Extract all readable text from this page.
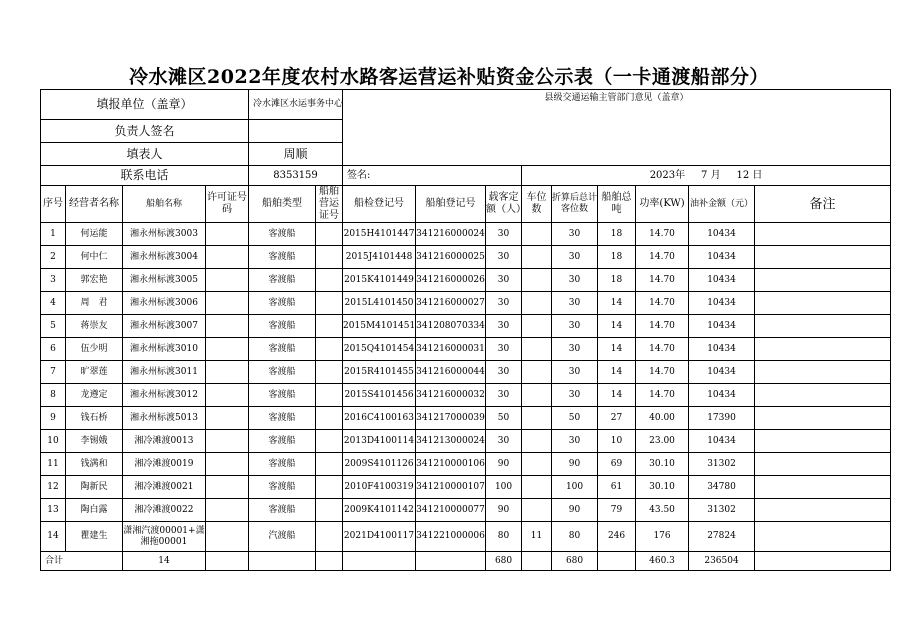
冷水滩区2022年度农村水路客运营运补贴资金公示表（一卡通渡船部分）
填报单位（盖章）				冷水滩区水运事务中心		县级交通运输主管部门意见（盖章）								
负责人签名														
填表人				周顺										
联系电话				8353159		签名:			2023年 7 月 12 日					
序号	经营者名称	船舶名称	许可证号码	船舶类型	船舶营运证号	船检登记号	船舶登记号	载客定额（人）	车位数	折算后总计客位数	船舶总吨	功率(KW)	油补金额（元）	备注
1	何运能	湘永州标渡3003		客渡船		2015H4101447	341216000024	30		30	18	14.70	10434	
2	何中仁	湘永州标渡3004		客渡船		2015J4101448	341216000025	30		30	18	14.70	10434	
3	郭宏艳	湘永州标渡3005		客渡船		2015K4101449	341216000026	30		30	18	14.70	10434	
4	周　君	湘永州标渡3006		客渡船		2015L4101450	341216000027	30		30	14	14.70	10434	
5	蒋崇友	湘永州标渡3007		客渡船		2015M4101451	341208070334	30		30	14	14.70	10434	
6	伍少明	湘永州标渡3010		客渡船		2015Q4101454	341216000031	30		30	14	14.70	10434	
7	旷翠莲	湘永州标渡3011		客渡船		2015R4101455	341216000044	30		30	14	14.70	10434	
8	龙遵定	湘永州标渡3012		客渡船		2015S4101456	341216000032	30		30	14	14.70	10434	
9	钱石桥	湘永州标渡5013		客渡船		2016C4100163	341217000039	50		50	27	40.00	17390	
10	李锡娥	湘冷滩渡0013		客渡船		2013D4100114	341213000024	30		30	10	23.00	10434	
11	钱满和	湘冷滩渡0019		客渡船		2009S4101126	341210000106	90		90	69	30.10	31302	
12	陶新民	湘冷滩渡0021		客渡船		2010F4100319	341210000107	100		100	61	30.10	34780	
13	陶白露	湘冷滩渡0022		客渡船		2009K4101142	341210000077	90		90	79	43.50	31302	
14	瞿建生	潇湘汽渡00001+潇湘拖00001		汽渡船		2021D4100117	341221000006	80	11	80	246	176	27824	
合计		14						680		680		460.3	236504	
